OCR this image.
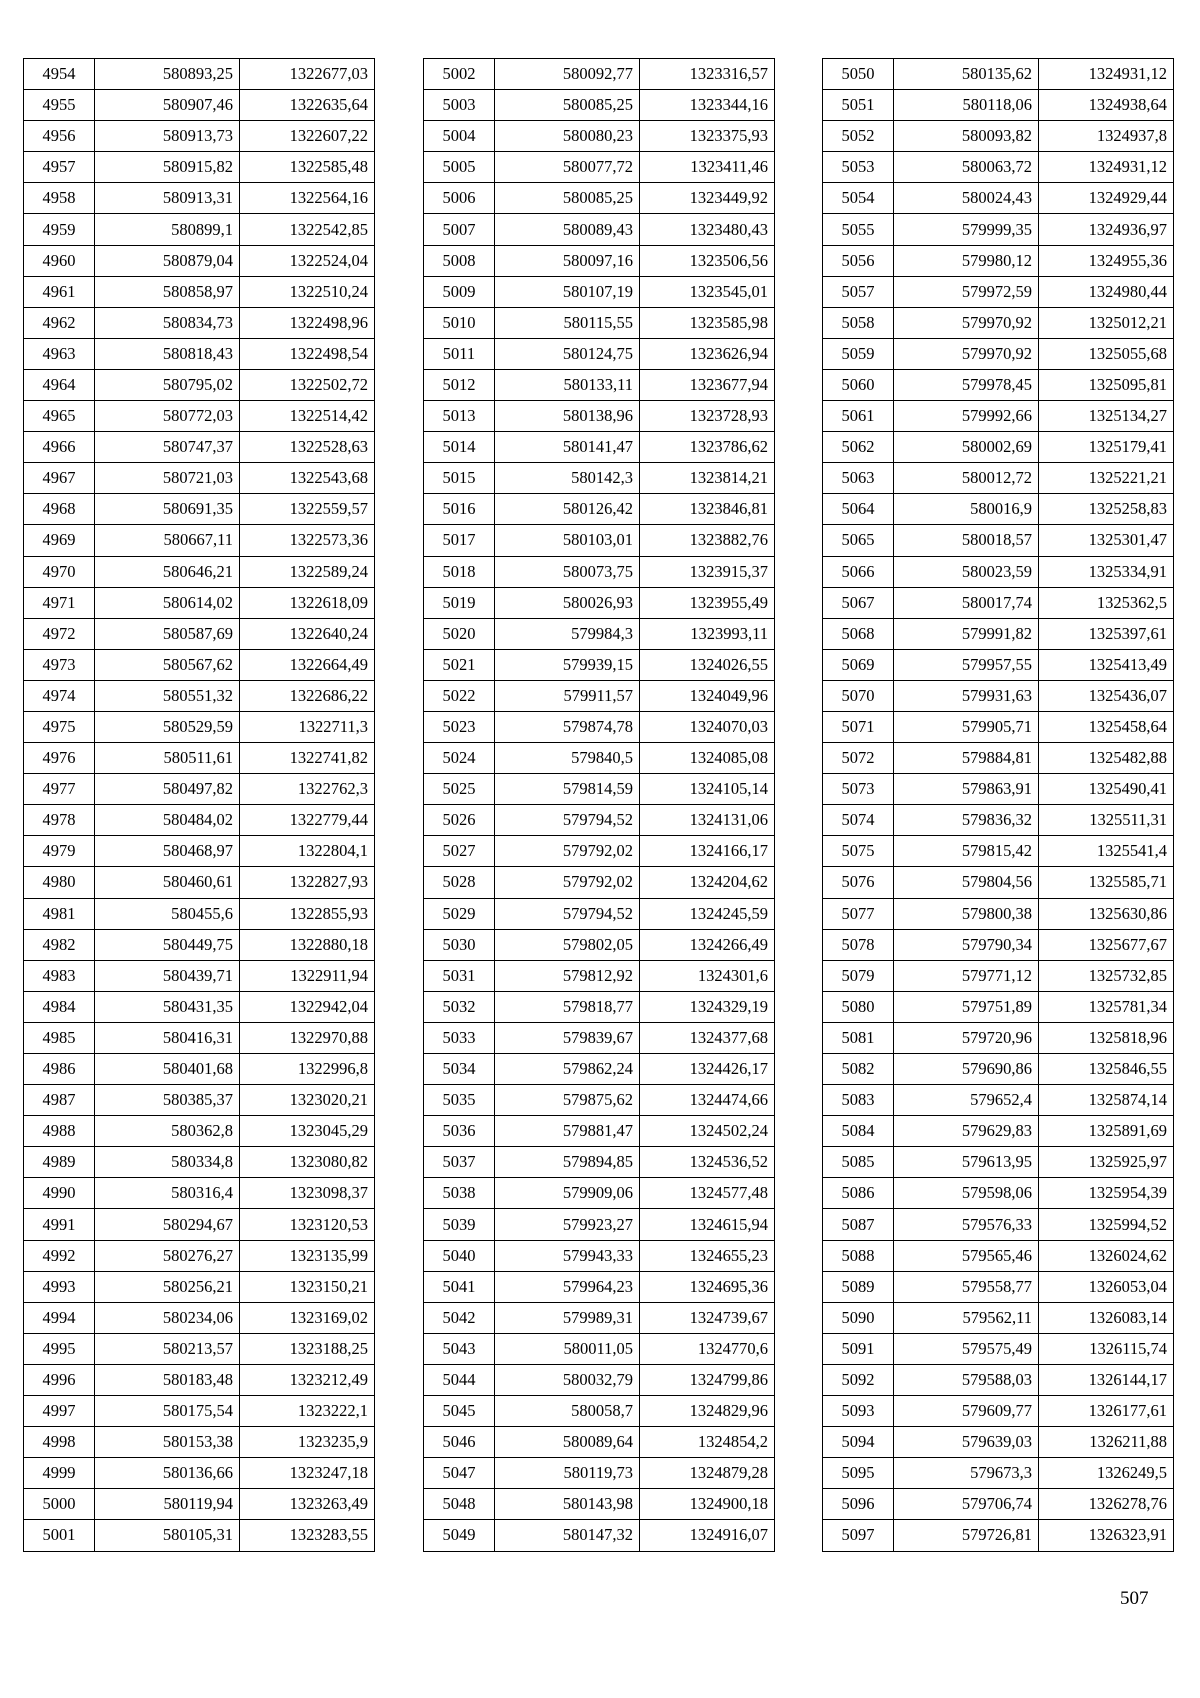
4954	580893,25	1322677,03
4955	580907,46	1322635,64
4956	580913,73	1322607,22
4957	580915,82	1322585,48
4958	580913,31	1322564,16
4959	580899,1	1322542,85
4960	580879,04	1322524,04
4961	580858,97	1322510,24
4962	580834,73	1322498,96
4963	580818,43	1322498,54
4964	580795,02	1322502,72
4965	580772,03	1322514,42
4966	580747,37	1322528,63
4967	580721,03	1322543,68
4968	580691,35	1322559,57
4969	580667,11	1322573,36
4970	580646,21	1322589,24
4971	580614,02	1322618,09
4972	580587,69	1322640,24
4973	580567,62	1322664,49
4974	580551,32	1322686,22
4975	580529,59	1322711,3
4976	580511,61	1322741,82
4977	580497,82	1322762,3
4978	580484,02	1322779,44
4979	580468,97	1322804,1
4980	580460,61	1322827,93
4981	580455,6	1322855,93
4982	580449,75	1322880,18
4983	580439,71	1322911,94
4984	580431,35	1322942,04
4985	580416,31	1322970,88
4986	580401,68	1322996,8
4987	580385,37	1323020,21
4988	580362,8	1323045,29
4989	580334,8	1323080,82
4990	580316,4	1323098,37
4991	580294,67	1323120,53
4992	580276,27	1323135,99
4993	580256,21	1323150,21
4994	580234,06	1323169,02
4995	580213,57	1323188,25
4996	580183,48	1323212,49
4997	580175,54	1323222,1
4998	580153,38	1323235,9
4999	580136,66	1323247,18
5000	580119,94	1323263,49
5001	580105,31	1323283,55
5002	580092,77	1323316,57
5003	580085,25	1323344,16
5004	580080,23	1323375,93
5005	580077,72	1323411,46
5006	580085,25	1323449,92
5007	580089,43	1323480,43
5008	580097,16	1323506,56
5009	580107,19	1323545,01
5010	580115,55	1323585,98
5011	580124,75	1323626,94
5012	580133,11	1323677,94
5013	580138,96	1323728,93
5014	580141,47	1323786,62
5015	580142,3	1323814,21
5016	580126,42	1323846,81
5017	580103,01	1323882,76
5018	580073,75	1323915,37
5019	580026,93	1323955,49
5020	579984,3	1323993,11
5021	579939,15	1324026,55
5022	579911,57	1324049,96
5023	579874,78	1324070,03
5024	579840,5	1324085,08
5025	579814,59	1324105,14
5026	579794,52	1324131,06
5027	579792,02	1324166,17
5028	579792,02	1324204,62
5029	579794,52	1324245,59
5030	579802,05	1324266,49
5031	579812,92	1324301,6
5032	579818,77	1324329,19
5033	579839,67	1324377,68
5034	579862,24	1324426,17
5035	579875,62	1324474,66
5036	579881,47	1324502,24
5037	579894,85	1324536,52
5038	579909,06	1324577,48
5039	579923,27	1324615,94
5040	579943,33	1324655,23
5041	579964,23	1324695,36
5042	579989,31	1324739,67
5043	580011,05	1324770,6
5044	580032,79	1324799,86
5045	580058,7	1324829,96
5046	580089,64	1324854,2
5047	580119,73	1324879,28
5048	580143,98	1324900,18
5049	580147,32	1324916,07
5050	580135,62	1324931,12
5051	580118,06	1324938,64
5052	580093,82	1324937,8
5053	580063,72	1324931,12
5054	580024,43	1324929,44
5055	579999,35	1324936,97
5056	579980,12	1324955,36
5057	579972,59	1324980,44
5058	579970,92	1325012,21
5059	579970,92	1325055,68
5060	579978,45	1325095,81
5061	579992,66	1325134,27
5062	580002,69	1325179,41
5063	580012,72	1325221,21
5064	580016,9	1325258,83
5065	580018,57	1325301,47
5066	580023,59	1325334,91
5067	580017,74	1325362,5
5068	579991,82	1325397,61
5069	579957,55	1325413,49
5070	579931,63	1325436,07
5071	579905,71	1325458,64
5072	579884,81	1325482,88
5073	579863,91	1325490,41
5074	579836,32	1325511,31
5075	579815,42	1325541,4
5076	579804,56	1325585,71
5077	579800,38	1325630,86
5078	579790,34	1325677,67
5079	579771,12	1325732,85
5080	579751,89	1325781,34
5081	579720,96	1325818,96
5082	579690,86	1325846,55
5083	579652,4	1325874,14
5084	579629,83	1325891,69
5085	579613,95	1325925,97
5086	579598,06	1325954,39
5087	579576,33	1325994,52
5088	579565,46	1326024,62
5089	579558,77	1326053,04
5090	579562,11	1326083,14
5091	579575,49	1326115,74
5092	579588,03	1326144,17
5093	579609,77	1326177,61
5094	579639,03	1326211,88
5095	579673,3	1326249,5
5096	579706,74	1326278,76
5097	579726,81	1326323,91
507
